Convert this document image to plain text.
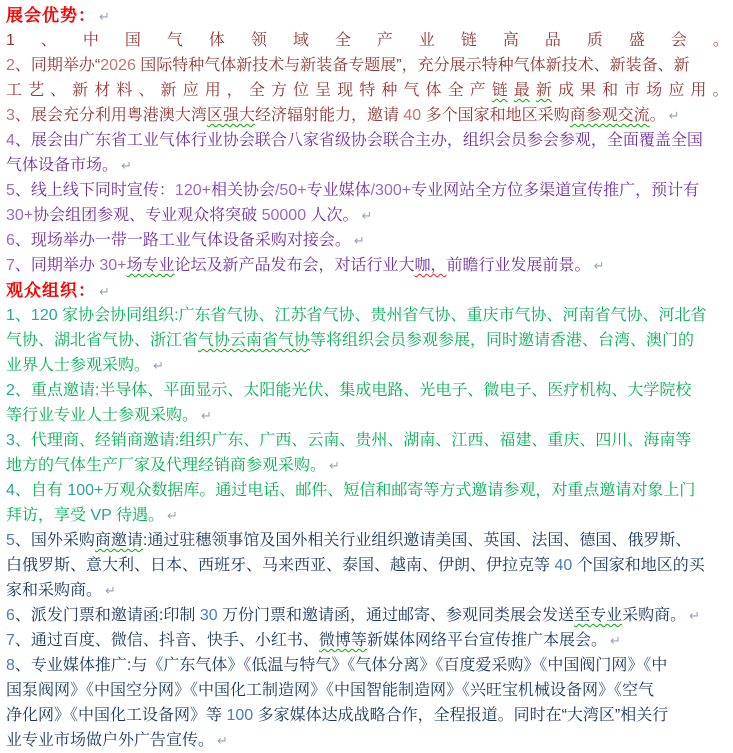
展会优势： ↵
1 、 中 国 气 体 领 域 全 产 业 链 高 品 质 盛 会 。
2、同期举办“2026 国际特种气体新技术与新装备专题展”，充分展示特种气体新技术、新装备、新
工 艺 、 新 材 料 、 新 应 用 ， 全 方 位 呈 现 特 种 气 体 全 产 链 最 新 成 果 和 市 场 应 用 。
3、展会充分利用粤港澳大湾区强大经济辐射能力，邀请 40 多个国家和地区采购商参观交流。 ↵
4、展会由广东省工业气体行业协会联合八家省级协会联合主办，组织会员参会参观，全面覆盖全国
气体设备市场。 ↵
5、线上线下同时宣传：120+相关协会/50+专业媒体/300+专业网站全方位多渠道宣传推广，预计有
30+协会组团参观、专业观众将突破 50000 人次。 ↵
6、现场举办一带一路工业气体设备采购对接会。 ↵
7、同期举办 30+场专业论坛及新产品发布会，对话行业大咖，前瞻行业发展前景。 ↵
观众组织： ↵
1、120 家协会协同组织:广东省气协、江苏省气协、贵州省气协、重庆市气协、河南省气协、河北省
气协、湖北省气协、浙江省气协云南省气协等将组织会员参观参展，同时邀请香港、台湾、澳门的
业界人士参观采购。 ↵
2、重点邀请:半导体、平面显示、太阳能光伏、集成电路、光电子、微电子、医疗机构、大学院校
等行业专业人士参观采购。 ↵
3、代理商、经销商邀请:组织广东、广西、云南、贵州、湖南、江西、福建、重庆、四川、海南等
地方的气体生产厂家及代理经销商参观采购。 ↵
4、自有 100+万观众数据库。通过电话、邮件、短信和邮寄等方式邀请参观，对重点邀请对象上门
拜访，享受 VP 待遇。 ↵
5、国外采购商邀请:通过驻穗领事馆及国外相关行业组织邀请美国、英国、法国、德国、俄罗斯、
白俄罗斯、意大利、日本、西班牙、马来西亚、泰国、越南、伊朗、伊拉克等 40 个国家和地区的买
家和采购商。 ↵
6、派发门票和邀请函:印制 30 万份门票和邀请函，通过邮寄、参观同类展会发送至专业采购商。 ↵
7、通过百度、微信、抖音、快手、小红书、微博等新媒体网络平台宣传推广本展会。 ↵
8、专业媒体推广:与《广东气体》《低温与特气》《气体分离》《百度爱采购》《中国阀门网》《中
国泵阀网》《中国空分网》《中国化工制造网》《中国智能制造网》《兴旺宝机械设备网》《空气
净化网》《中国化工设备网》等 100 多家媒体达成战略合作，全程报道。同时在“大湾区”相关行
业专业市场做户外广告宣传。 ↵
